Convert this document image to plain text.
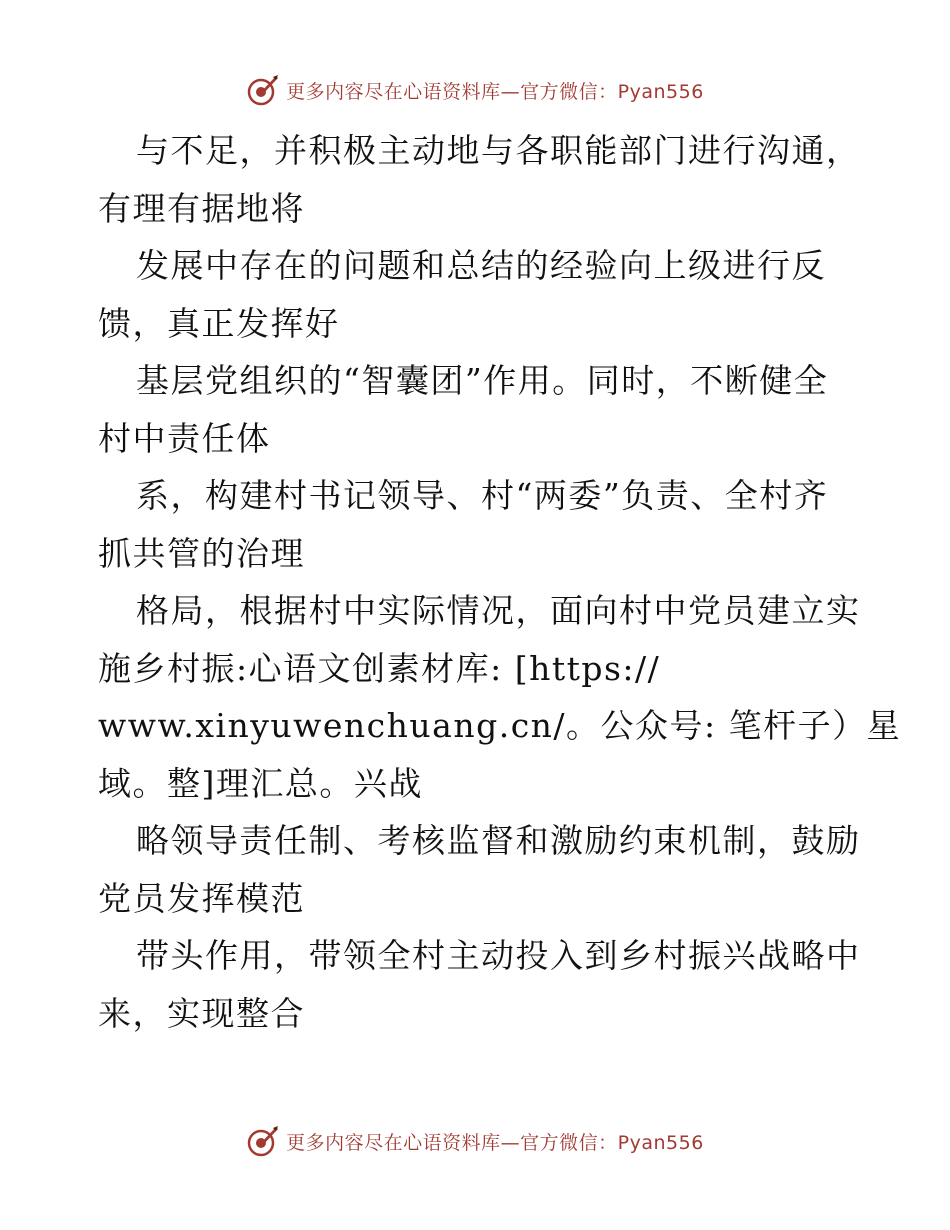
更多内容尽在心语资料库—官方微信：Pyan556
与不足，并积极主动地与各职能部门进行沟通，
有理有据地将
发展中存在的问题和总结的经验向上级进行反
馈，真正发挥好
基层党组织的“智囊团”作用。同时，不断健全
村中责任体
系，构建村书记领导、村“两委”负责、全村齐
抓共管的治理
格局，根据村中实际情况，面向村中党员建立实
施乡村振:心语文创素材库: [https://
www.xinyuwenchuang.cn/。公众号: 笔杆子）星
域。整]理汇总。兴战
略领导责任制、考核监督和激励约束机制，鼓励
党员发挥模范
带头作用，带领全村主动投入到乡村振兴战略中
来，实现整合
更多内容尽在心语资料库—官方微信：Pyan556
